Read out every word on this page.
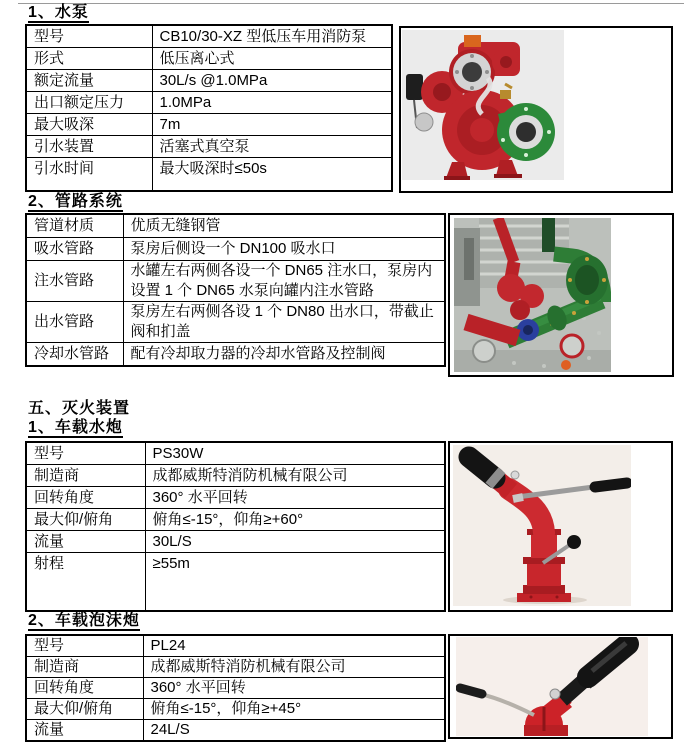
1、水泵
型号	CB10/30-XZ 型低压车用消防泵
形式	低压离心式
额定流量	30L/s @1.0MPa
出口额定压力	1.0MPa
最大吸深	7m
引水装置	活塞式真空泵
引水时间	最大吸深时≤50s
2、管路系统
管道材质	优质无缝钢管
吸水管路	泵房后侧设一个 DN100 吸水口
注水管路	水罐左右两侧各设一个 DN65 注水口，泵房内设置 1 个 DN65 水泵向罐内注水管路
出水管路	泵房左右两侧各设 1 个 DN80 出水口，带截止阀和扪盖
冷却水管路	配有冷却取力器的冷却水管路及控制阀
五、灭火装置
1、车载水炮
型号	PS30W
制造商	成都威斯特消防机械有限公司
回转角度	360° 水平回转
最大仰/俯角	俯角≤-15°，仰角≥+60°
流量	30L/S
射程	≥55m
2、车载泡沫炮
型号	PL24
制造商	成都威斯特消防机械有限公司
回转角度	360° 水平回转
最大仰/俯角	俯角≤-15°，仰角≥+45°
流量	24L/S
